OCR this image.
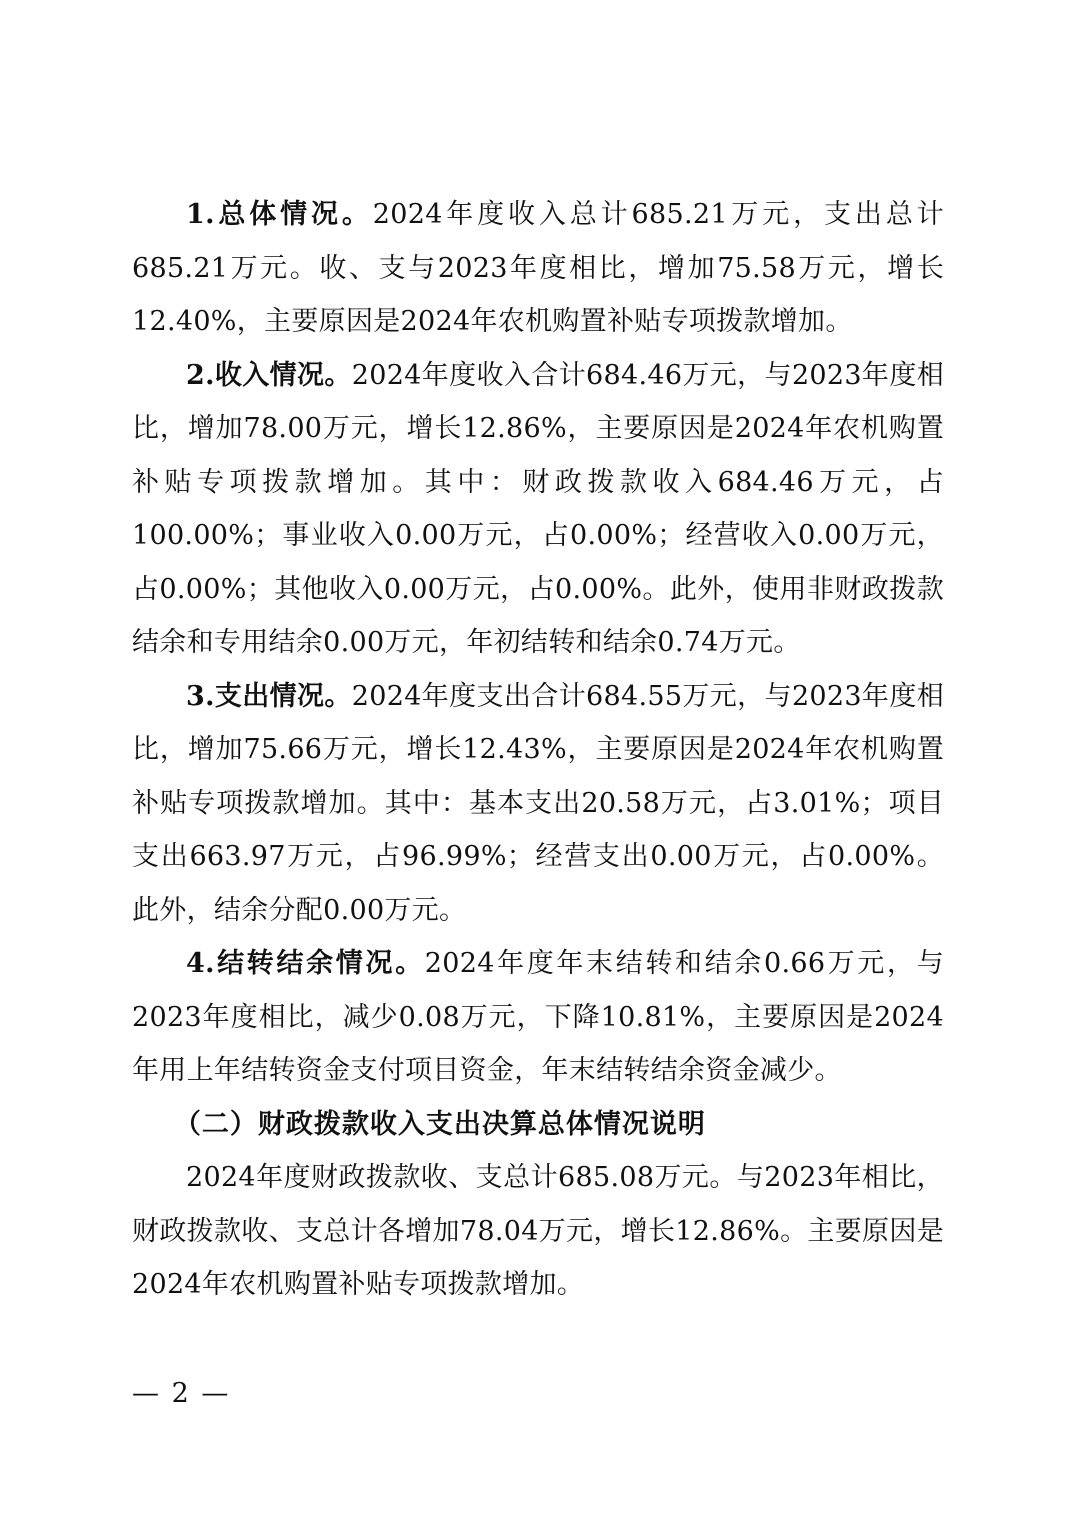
1.总体情况。2024年度收入总计685.21万元，支出总计685.21万元。收、支与2023年度相比，增加75.58万元，增长12.40%，主要原因是2024年农机购置补贴专项拨款增加。

2.收入情况。2024年度收入合计684.46万元，与2023年度相比，增加78.00万元，增长12.86%，主要原因是2024年农机购置补贴专项拨款增加。其中：财政拨款收入684.46万元，占100.00%；事业收入0.00万元，占0.00%；经营收入0.00万元，占0.00%；其他收入0.00万元，占0.00%。此外，使用非财政拨款结余和专用结余0.00万元，年初结转和结余0.74万元。

3.支出情况。2024年度支出合计684.55万元，与2023年度相比，增加75.66万元，增长12.43%，主要原因是2024年农机购置补贴专项拨款增加。其中：基本支出20.58万元，占3.01%；项目支出663.97万元，占96.99%；经营支出0.00万元，占0.00%。此外，结余分配0.00万元。

4.结转结余情况。2024年度年末结转和结余0.66万元，与2023年度相比，减少0.08万元，下降10.81%，主要原因是2024年用上年结转资金支付项目资金，年末结转结余资金减少。

（二）财政拨款收入支出决算总体情况说明

2024年度财政拨款收、支总计685.08万元。与2023年相比，财政拨款收、支总计各增加78.04万元，增长12.86%。主要原因是2024年农机购置补贴专项拨款增加。

— 2 —
